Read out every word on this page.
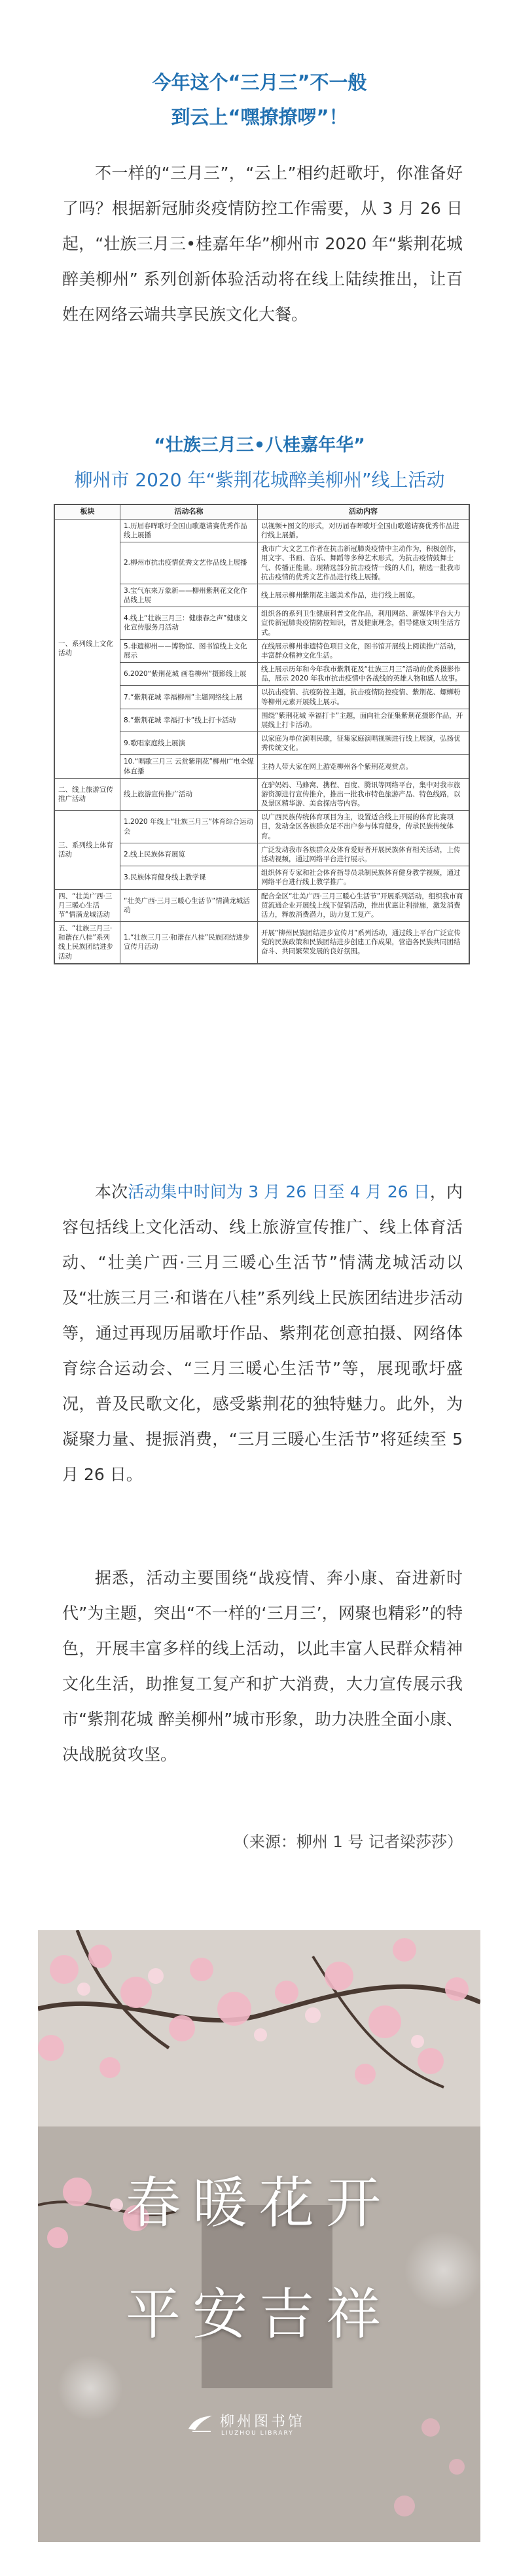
今年这个“三月三”不一般
到云上“嘿撩撩啰”！
不一样的“三月三”，“云上”相约赶歌圩，你准备好了吗？根据新冠肺炎疫情防控工作需要，从 3 月 26 日起，“壮族三月三•桂嘉年华”柳州市 2020 年“紫荆花城 醉美柳州” 系列创新体验活动将在线上陆续推出，让百姓在网络云端共享民族文化大餐。
“壮族三月三•八桂嘉年华”
柳州市 2020 年“紫荆花城醉美柳州”线上活动
板块	活动名称	活动内容
一、系列线上文化活动	1.历届春晖歌圩全国山歌邀请赛优秀作品线上展播	以视频+图文的形式，对历届春晖歌圩全国山歌邀请赛优秀作品进行线上展播。
	2.柳州市抗击疫情优秀文艺作品线上展播	我市广大文艺工作者在抗击新冠肺炎疫情中主动作为，积极创作，用文字、书画、音乐、舞蹈等多种艺术形式，为抗击疫情鼓舞士气、传播正能量。现精选部分抗击疫情一线的人们，精选一批我市抗击疫情的优秀文艺作品进行线上展播。
	3.宝气东来万象新——柳州紫荆花文化作品线上展	线上展示柳州紫荆花主题美术作品，进行线上展览。
	4.线上“壮族三月三：健康春之声”健康文化宣传服务月活动	组织各的系列卫生健康科普文化作品，利用网站、新媒体平台大力宣传新冠肺炎疫情防控知识，普及健康理念，倡导健康文明生活方式。
	5.非遗柳州——博物馆、图书馆线上文化展示	在线展示柳州非遗特色项目文化，图书馆开展线上阅读推广活动，丰富群众精神文化生活。
	6.2020“紫荆花城 画卷柳州”摄影线上展	线上展示历年和今年我市紫荆花及“壮族三月三”活动的优秀摄影作品，展示 2020 年我市抗击疫情中各战线的英雄人物和感人故事。
	7.“紫荆花城 幸福柳州”主题网络线上展	以抗击疫情、抗疫防控主题，抗击疫情防控疫情、紫荆花、螺蛳粉等柳州元素开展线上展示。
	8.“紫荆花城 幸福打卡”线上打卡活动	围绕“紫荆花城 幸福打卡”主题，面向社会征集紫荆花摄影作品，开展线上打卡活动。
	9.歌唱家庭线上展演	以家庭为单位演唱民歌，征集家庭演唱视频进行线上展演，弘扬优秀传统文化。
	10.“唱歌三月三 云赏紫荆花”柳州广电全媒体直播	主持人带大家在网上游览柳州各个紫荆花观赏点。
二、线上旅游宣传推广活动	线上旅游宣传推广活动	在驴妈妈、马蜂窝、携程、百度、腾讯等网络平台，集中对我市旅游资源进行宣传推介，推出一批我市特色旅游产品、特色线路，以及景区精华游、美食探店等内容。
三、系列线上体育活动	1.2020 年线上“壮族三月三”体育综合运动会	以广西民族传统体育项目为主，设置适合线上开展的体育比赛项目，发动全区各族群众足不出户参与体育健身，传承民族传统体育。
	2.线上民族体育展览	广泛发动我市各族群众及体育爱好者开展民族体育相关活动，上传活动视频，通过网络平台进行展示。
	3.民族体育健身线上教学课	组织体育专家和社会体育指导员录制民族体育健身教学视频，通过网络平台进行线上教学推广。
四、“壮美广西·三月三暖心生活节”情满龙城活动	“壮美广西·三月三暖心生活节”情满龙城活动	配合全区“壮美广西·三月三暖心生活节”开展系列活动，组织我市商贸流通企业开展线上线下促销活动，推出优惠让利措施，激发消费活力，释放消费潜力，助力复工复产。
五、“壮族三月三·和谐在八桂”系列线上民族团结进步活动	1.“壮族三月三·和谐在八桂”民族团结进步宣传月活动	开展“柳州民族团结进步宣传月”系列活动，通过线上平台广泛宣传党的民族政策和民族团结进步创建工作成果，营造各民族共同团结奋斗、共同繁荣发展的良好氛围。
本次活动集中时间为 3 月 26 日至 4 月 26 日，内容包括线上文化活动、线上旅游宣传推广、线上体育活动、“壮美广西·三月三暖心生活节”情满龙城活动以及“壮族三月三·和谐在八桂”系列线上民族团结进步活动等，通过再现历届歌圩作品、紫荆花创意拍摄、网络体育综合运动会、“三月三暖心生活节”等，展现歌圩盛况，普及民歌文化，感受紫荆花的独特魅力。此外，为凝聚力量、提振消费，“三月三暖心生活节”将延续至 5 月 26 日。
据悉，活动主要围绕“战疫情、奔小康、奋进新时代”为主题，突出“不一样的‘三月三’，网聚也精彩”的特色，开展丰富多样的线上活动，以此丰富人民群众精神文化生活，助推复工复产和扩大消费，大力宣传展示我市“紫荆花城 醉美柳州”城市形象，助力决胜全面小康、决战脱贫攻坚。
（来源：柳州 1 号 记者梁莎莎）
春暖花开
平安吉祥
柳州图书馆
LIUZHOU LIBRARY
